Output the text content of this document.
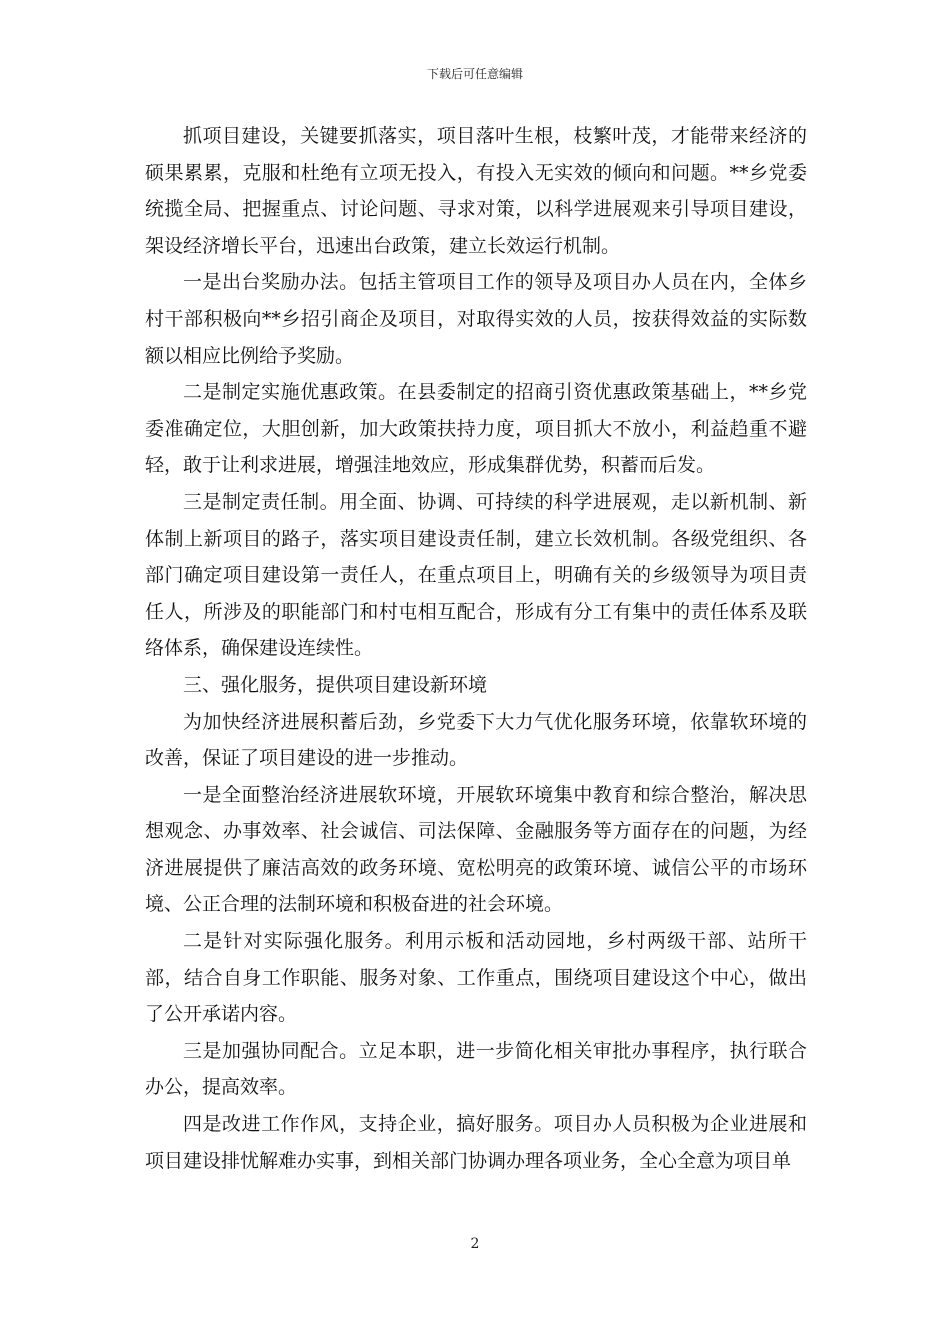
下载后可任意编辑

抓项目建设，关键要抓落实，项目落叶生根，枝繁叶茂，才能带来经济的硕果累累，克服和杜绝有立项无投入，有投入无实效的倾向和问题。**乡党委统揽全局、把握重点、讨论问题、寻求对策，以科学进展观来引导项目建设，架设经济增长平台，迅速出台政策，建立长效运行机制。

一是出台奖励办法。包括主管项目工作的领导及项目办人员在内，全体乡村干部积极向**乡招引商企及项目，对取得实效的人员，按获得效益的实际数额以相应比例给予奖励。

二是制定实施优惠政策。在县委制定的招商引资优惠政策基础上，**乡党委准确定位，大胆创新，加大政策扶持力度，项目抓大不放小，利益趋重不避轻，敢于让利求进展，增强洼地效应，形成集群优势，积蓄而后发。

三是制定责任制。用全面、协调、可持续的科学进展观，走以新机制、新体制上新项目的路子，落实项目建设责任制，建立长效机制。各级党组织、各部门确定项目建设第一责任人，在重点项目上，明确有关的乡级领导为项目责任人，所涉及的职能部门和村屯相互配合，形成有分工有集中的责任体系及联络体系，确保建设连续性。

三、强化服务，提供项目建设新环境

为加快经济进展积蓄后劲，乡党委下大力气优化服务环境，依靠软环境的改善，保证了项目建设的进一步推动。

一是全面整治经济进展软环境，开展软环境集中教育和综合整治，解决思想观念、办事效率、社会诚信、司法保障、金融服务等方面存在的问题，为经济进展提供了廉洁高效的政务环境、宽松明亮的政策环境、诚信公平的市场环境、公正合理的法制环境和积极奋进的社会环境。

二是针对实际强化服务。利用示板和活动园地，乡村两级干部、站所干部，结合自身工作职能、服务对象、工作重点，围绕项目建设这个中心，做出了公开承诺内容。

三是加强协同配合。立足本职，进一步简化相关审批办事程序，执行联合办公，提高效率。

四是改进工作作风，支持企业，搞好服务。项目办人员积极为企业进展和项目建设排忧解难办实事，到相关部门协调办理各项业务，全心全意为项目单

2
